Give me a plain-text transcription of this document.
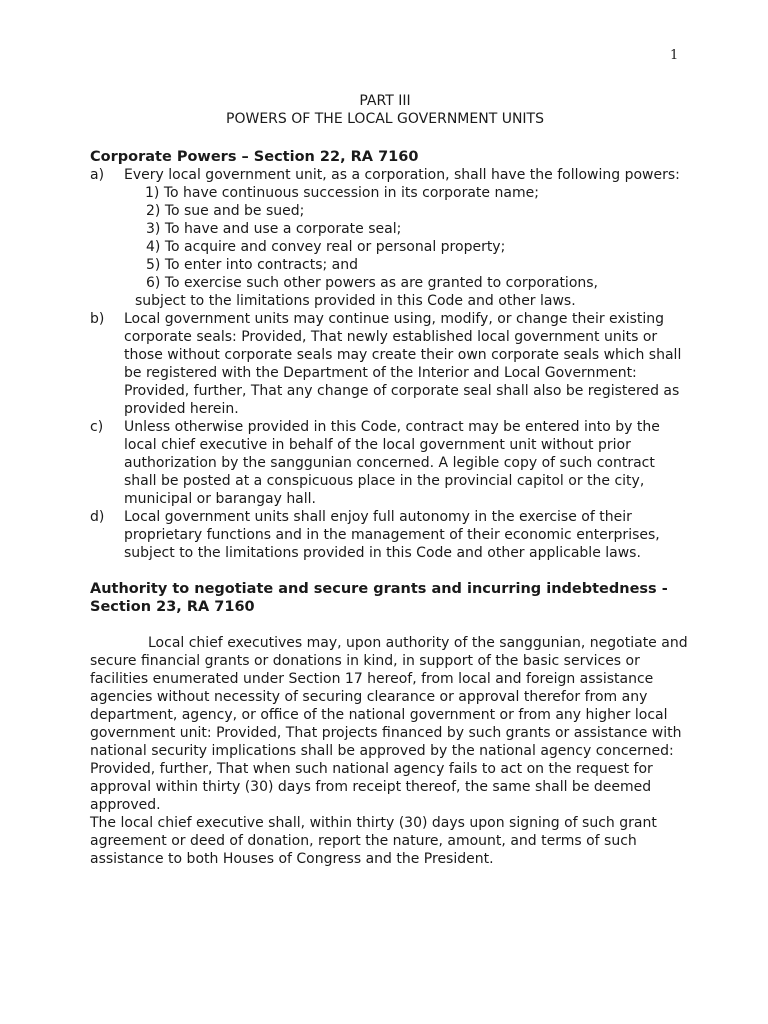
1
PART III
POWERS OF THE LOCAL GOVERNMENT UNITS
Corporate Powers – Section 22, RA 7160
a) Every local government unit, as a corporation, shall have the following powers:
1) To have continuous succession in its corporate name;
2) To sue and be sued;
3) To have and use a corporate seal;
4) To acquire and convey real or personal property;
5) To enter into contracts; and
6) To exercise such other powers as are granted to corporations,
subject to the limitations provided in this Code and other laws.
b) Local government units may continue using, modify, or change their existing corporate seals: Provided, That newly established local government units or those without corporate seals may create their own corporate seals which shall be registered with the Department of the Interior and Local Government: Provided, further, That any change of corporate seal shall also be registered as provided herein.
c) Unless otherwise provided in this Code, contract may be entered into by the local chief executive in behalf of the local government unit without prior authorization by the sanggunian concerned. A legible copy of such contract shall be posted at a conspicuous place in the provincial capitol or the city, municipal or barangay hall.
d) Local government units shall enjoy full autonomy in the exercise of their proprietary functions and in the management of their economic enterprises, subject to the limitations provided in this Code and other applicable laws.
Authority to negotiate and secure grants and incurring indebtedness - Section 23, RA 7160
Local chief executives may, upon authority of the sanggunian, negotiate and secure financial grants or donations in kind, in support of the basic services or facilities enumerated under Section 17 hereof, from local and foreign assistance agencies without necessity of securing clearance or approval therefor from any department, agency, or office of the national government or from any higher local government unit: Provided, That projects financed by such grants or assistance with national security implications shall be approved by the national agency concerned: Provided, further, That when such national agency fails to act on the request for approval within thirty (30) days from receipt thereof, the same shall be deemed approved.
The local chief executive shall, within thirty (30) days upon signing of such grant agreement or deed of donation, report the nature, amount, and terms of such assistance to both Houses of Congress and the President.
